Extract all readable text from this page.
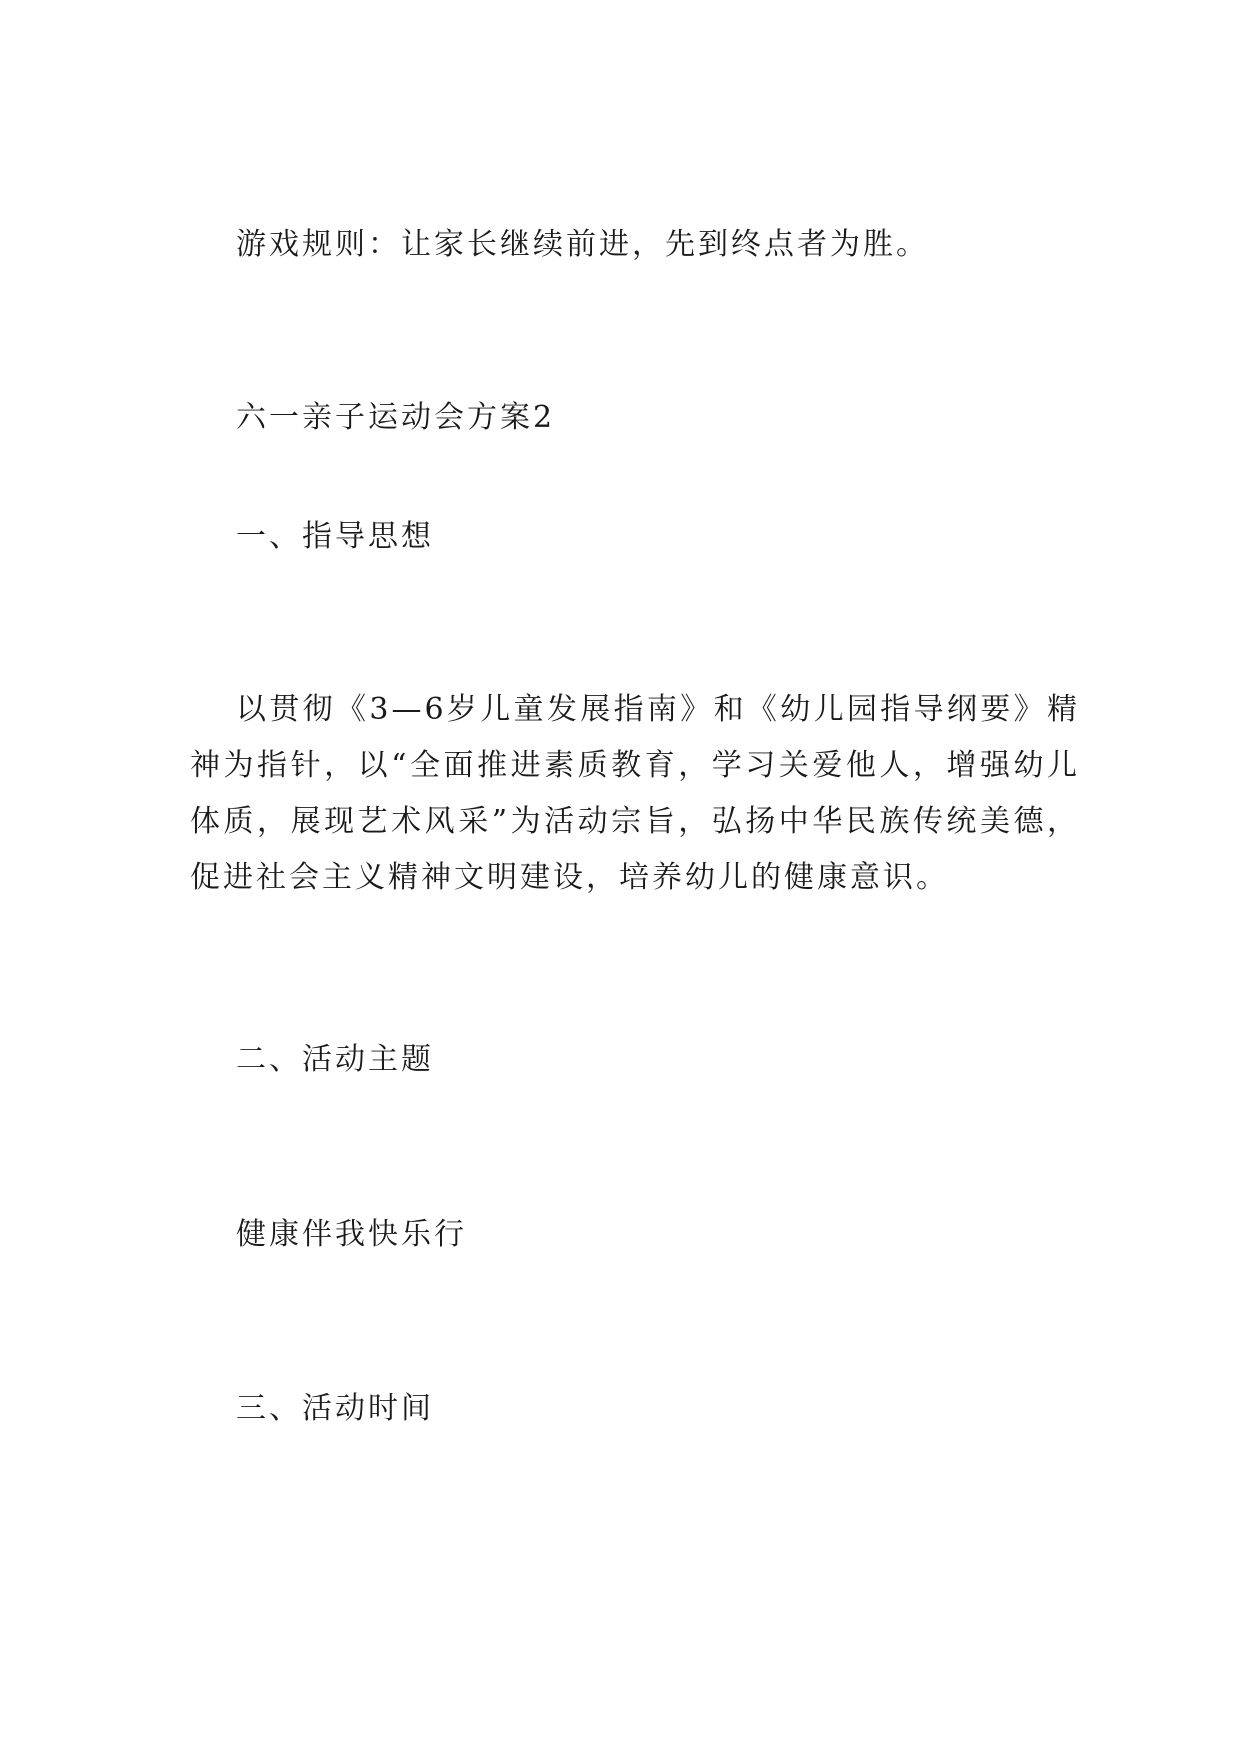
游戏规则：让家长继续前进，先到终点者为胜。
六一亲子运动会方案2
一、指导思想
以贯彻《3—6岁儿童发展指南》和《幼儿园指导纲要》精神为指针，以“全面推进素质教育，学习关爱他人，增强幼儿体质，展现艺术风采”为活动宗旨，弘扬中华民族传统美德，促进社会主义精神文明建设，培养幼儿的健康意识。
二、活动主题
健康伴我快乐行
三、活动时间
